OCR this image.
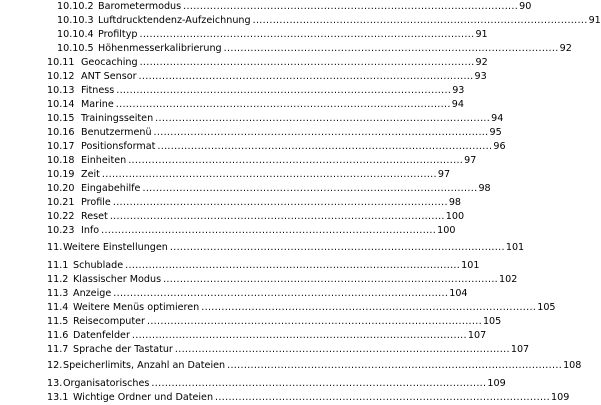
10.10.2 Barometermodus .................................................................................................... 90
10.10.3 Luftdrucktendenz-Aufzeichnung .................................................................................................... 91
10.10.4 Profiltyp .................................................................................................... 91
10.10.5 Höhenmesserkalibrierung .................................................................................................... 92
10.11 Geocaching .................................................................................................... 92
10.12 ANT Sensor .................................................................................................... 93
10.13 Fitness .................................................................................................... 93
10.14 Marine .................................................................................................... 94
10.15 Trainingsseiten .................................................................................................... 94
10.16 Benutzermenü .................................................................................................... 95
10.17 Positionsformat .................................................................................................... 96
10.18 Einheiten .................................................................................................... 97
10.19 Zeit .................................................................................................... 97
10.20 Eingabehilfe .................................................................................................... 98
10.21 Profile .................................................................................................... 98
10.22 Reset .................................................................................................... 100
10.23 Info .................................................................................................... 100
11. Weitere Einstellungen .................................................................................................... 101
11.1 Schublade .................................................................................................... 101
11.2 Klassischer Modus .................................................................................................... 102
11.3 Anzeige .................................................................................................... 104
11.4 Weitere Menüs optimieren .................................................................................................... 105
11.5 Reisecomputer .................................................................................................... 105
11.6 Datenfelder .................................................................................................... 107
11.7 Sprache der Tastatur .................................................................................................... 107
12. Speicherlimits, Anzahl an Dateien .................................................................................................... 108
13. Organisatorisches .................................................................................................... 109
13.1 Wichtige Ordner und Dateien .................................................................................................... 109
